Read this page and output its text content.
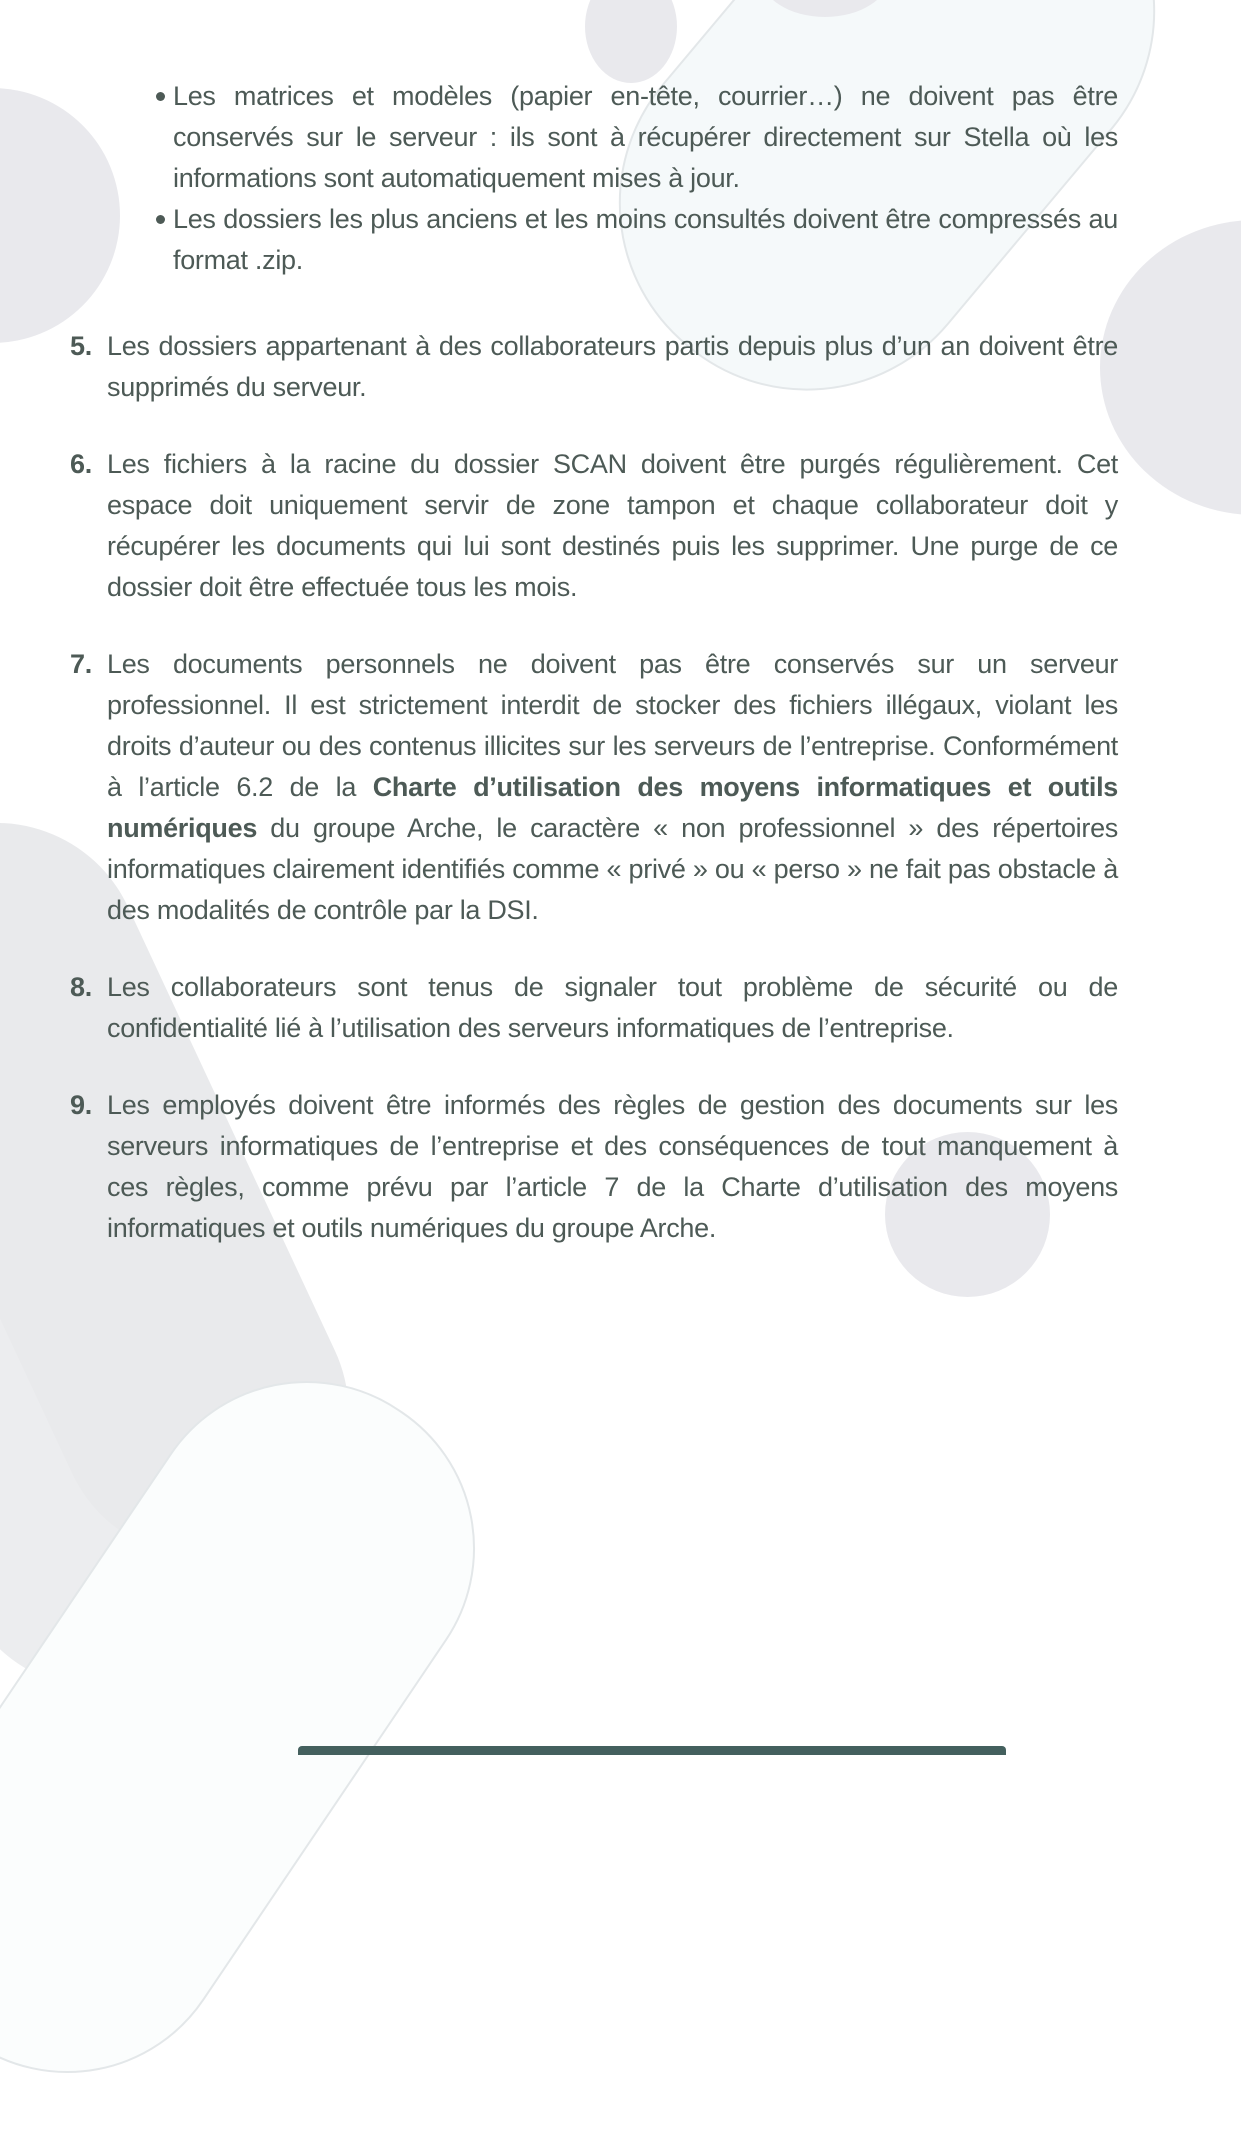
Les matrices et modèles (papier en-tête, courrier…) ne doivent pas être conservés sur le serveur : ils sont à récupérer directement sur Stella où les informations sont automatiquement mises à jour.
Les dossiers les plus anciens et les moins consultés doivent être compressés au format .zip.
5. Les dossiers appartenant à des collaborateurs partis depuis plus d’un an doivent être supprimés du serveur.
6. Les fichiers à la racine du dossier SCAN doivent être purgés régulièrement. Cet espace doit uniquement servir de zone tampon et chaque collaborateur doit y récupérer les documents qui lui sont destinés puis les supprimer. Une purge de ce dossier doit être effectuée tous les mois.
7. Les documents personnels ne doivent pas être conservés sur un serveur professionnel. Il est strictement interdit de stocker des fichiers illégaux, violant les droits d’auteur ou des contenus illicites sur les serveurs de l’entreprise. Conformément à l’article 6.2 de la Charte d’utilisation des moyens informatiques et outils numériques du groupe Arche, le caractère « non professionnel » des répertoires informatiques clairement identifiés comme « privé » ou « perso » ne fait pas obstacle à des modalités de contrôle par la DSI.
8. Les collaborateurs sont tenus de signaler tout problème de sécurité ou de confidentialité lié à l’utilisation des serveurs informatiques de l’entreprise.
9. Les employés doivent être informés des règles de gestion des documents sur les serveurs informatiques de l’entreprise et des conséquences de tout manquement à ces règles, comme prévu par l’article 7 de la Charte d’utilisation des moyens informatiques et outils numériques du groupe Arche.
